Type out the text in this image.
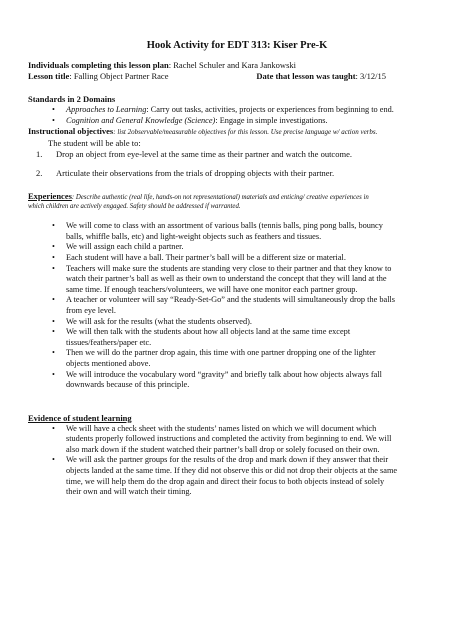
Hook Activity for EDT 313: Kiser Pre-K
Individuals completing this lesson plan: Rachel Schuler and Kara Jankowski
Lesson title: Falling Object Partner Race	Date that lesson was taught: 3/12/15
Standards in 2 Domains
• Approaches to Learning: Carry out tasks, activities, projects or experiences from beginning to end.
• Cognition and General Knowledge (Science): Engage in simple investigations.
Instructional objectives: list 2observable/measurable objectives for this lesson. Use precise language w/ action verbs.
The student will be able to:
1. Drop an object from eye-level at the same time as their partner and watch the outcome.
2. Articulate their observations from the trials of dropping objects with their partner.
Experiences: Describe authentic (real life, hands-on not representational) materials and enticing/ creative experiences in
which children are actively engaged. Safety should be addressed if warranted.
• We will come to class with an assortment of various balls (tennis balls, ping pong balls, bouncy
balls, whiffle balls, etc) and light-weight objects such as feathers and tissues.
• We will assign each child a partner.
• Each student will have a ball. Their partner’s ball will be a different size or material.
• Teachers will make sure the students are standing very close to their partner and that they know to
watch their partner’s ball as well as their own to understand the concept that they will land at the
same time. If enough teachers/volunteers, we will have one monitor each partner group.
• A teacher or volunteer will say “Ready-Set-Go” and the students will simultaneously drop the balls
from eye level.
• We will ask for the results (what the students observed).
• We will then talk with the students about how all objects land at the same time except
tissues/feathers/paper etc.
• Then we will do the partner drop again, this time with one partner dropping one of the lighter
objects mentioned above.
• We will introduce the vocabulary word “gravity” and briefly talk about how objects always fall
downwards because of this principle.
Evidence of student learning
• We will have a check sheet with the students’ names listed on which we will document which
students properly followed instructions and completed the activity from beginning to end. We will
also mark down if the student watched their partner’s ball drop or solely focused on their own.
• We will ask the partner groups for the results of the drop and mark down if they answer that their
objects landed at the same time. If they did not observe this or did not drop their objects at the same
time, we will help them do the drop again and direct their focus to both objects instead of solely
their own and will watch their timing.
